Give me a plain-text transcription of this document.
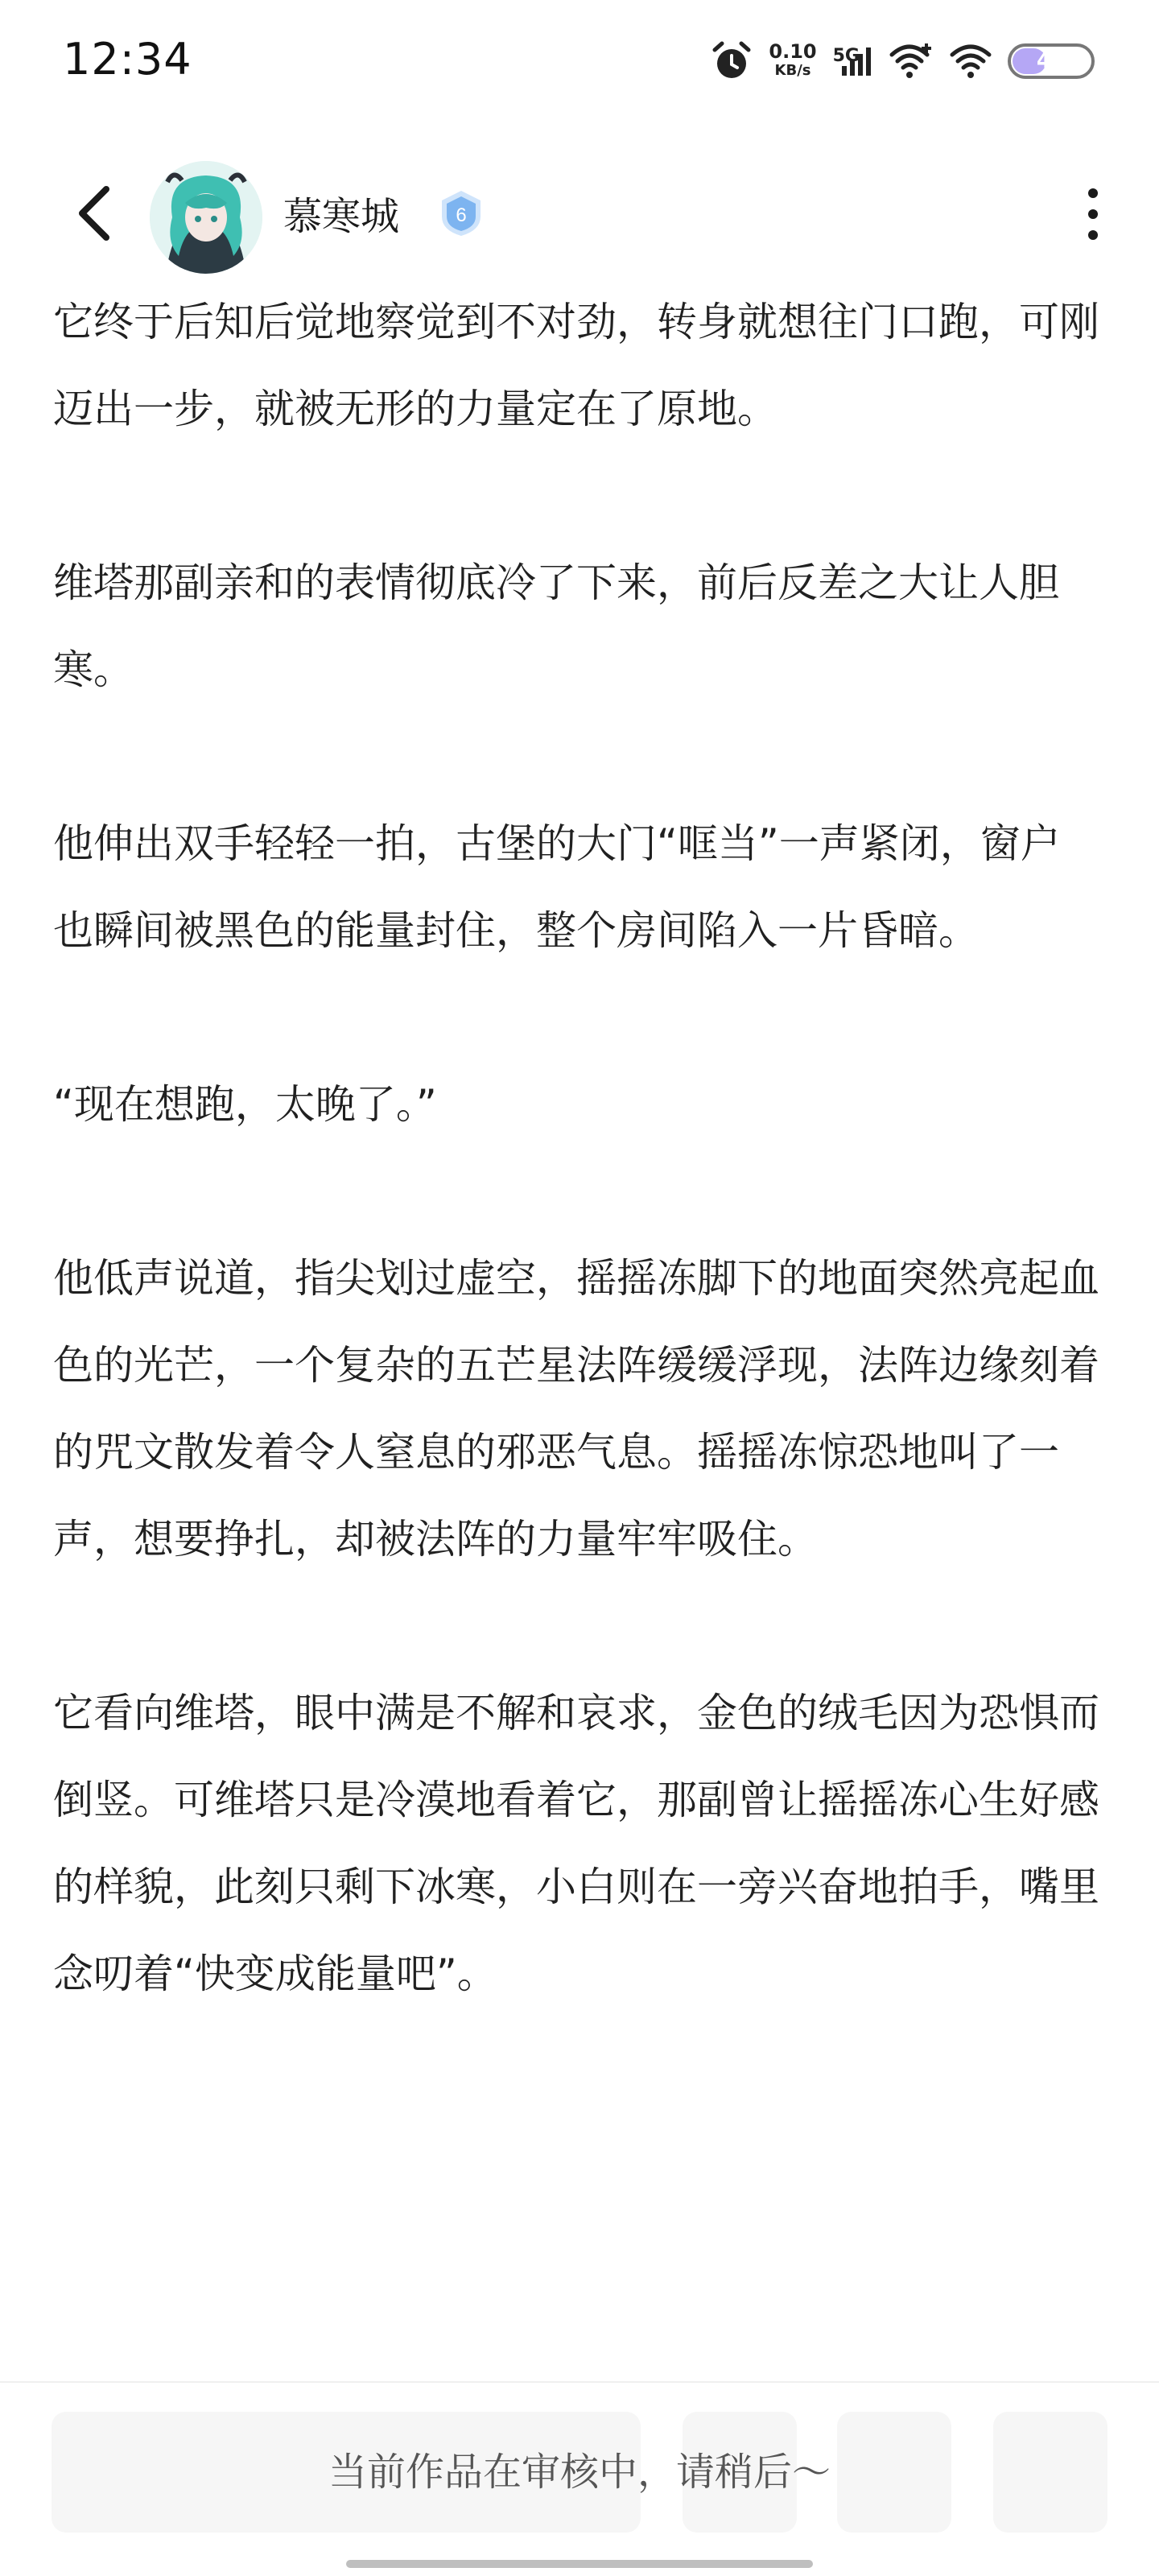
12:34	0.10
KB/s
5G	42
慕寒城	6

它终于后知后觉地察觉到不对劲，转身就想往门口跑，可刚迈出一步，就被无形的力量定在了原地。

维塔那副亲和的表情彻底冷了下来，前后反差之大让人胆寒。

他伸出双手轻轻一拍，古堡的大门“哐当”一声紧闭，窗户也瞬间被黑色的能量封住，整个房间陷入一片昏暗。

“现在想跑，太晚了。”

他低声说道，指尖划过虚空，摇摇冻脚下的地面突然亮起血色的光芒，一个复杂的五芒星法阵缓缓浮现，法阵边缘刻着的咒文散发着令人窒息的邪恶气息。摇摇冻惊恐地叫了一声，想要挣扎，却被法阵的力量牢牢吸住。

它看向维塔，眼中满是不解和哀求，金色的绒毛因为恐惧而倒竖。可维塔只是冷漠地看着它，那副曾让摇摇冻心生好感的样貌，此刻只剩下冰寒，小白则在一旁兴奋地拍手，嘴里念叨着“快变成能量吧”。

当前作品在审核中，请稍后～
